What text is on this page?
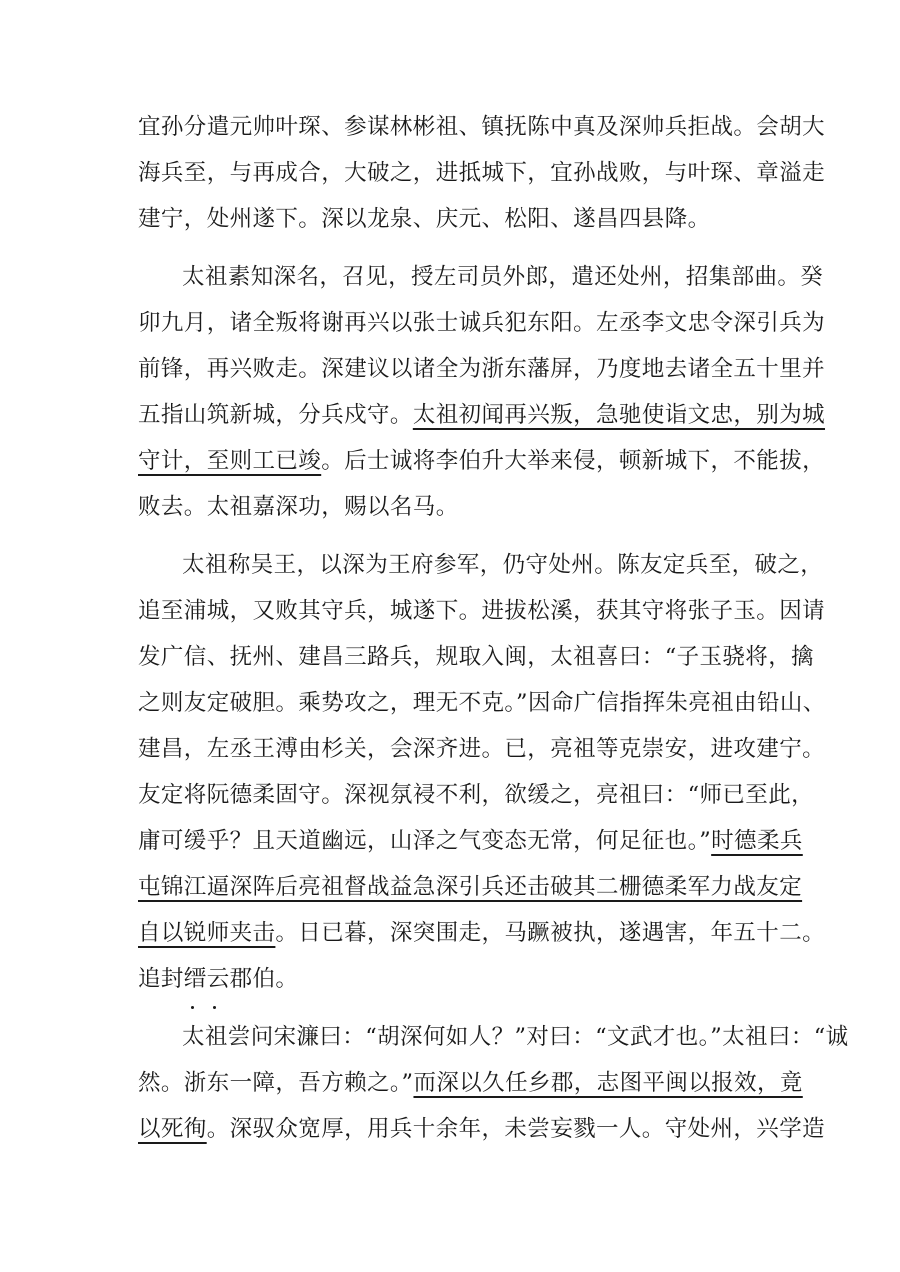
宜孙分遣元帅叶琛、参谋林彬祖、镇抚陈中真及深帅兵拒战。会胡大
海兵至，与再成合，大破之，进抵城下，宜孙战败，与叶琛、章溢走
建宁，处州遂下。深以龙泉、庆元、松阳、遂昌四县降。
太祖素知深名，召见，授左司员外郎，遣还处州，招集部曲。癸
卯九月，诸全叛将谢再兴以张士诚兵犯东阳。左丞李文忠令深引兵为
前锋，再兴败走。深建议以诸全为浙东藩屏，乃度地去诸全五十里并
五指山筑新城，分兵戍守。太祖初闻再兴叛，急驰使诣文忠，别为城
守计，至则工已竣。后士诚将李伯升大举来侵，顿新城下，不能拔，
败去。太祖嘉深功，赐以名马。
太祖称吴王，以深为王府参军，仍守处州。陈友定兵至，破之，
追至浦城，又败其守兵，城遂下。进拔松溪，获其守将张子玉。因请
发广信、抚州、建昌三路兵，规取入闽，太祖喜曰：“子玉骁将，擒
之则友定破胆。乘势攻之，理无不克。”因命广信指挥朱亮祖由铅山、
建昌，左丞王溥由杉关，会深齐进。已，亮祖等克崇安，进攻建宁。
友定将阮德柔固守。深视氛祲不利，欲缓之，亮祖曰：“师已至此，
庸可缓乎？且天道幽远，山泽之气变态无常，何足征也。”时德柔兵
屯锦江逼深阵后亮祖督战益急深引兵还击破其二栅德柔军力战友定
自以锐师夹击。日已暮，深突围走，马蹶被执，遂遇害，年五十二。
追封缙云郡伯。
太祖尝问宋濂曰：“胡深何如人？”对曰：“文武才也。”太祖曰：“诚
然。浙东一障，吾方赖之。”而深以久任乡郡，志图平闽以报效，竟
以死徇。深驭众宽厚，用兵十余年，未尝妄戮一人。守处州，兴学造
